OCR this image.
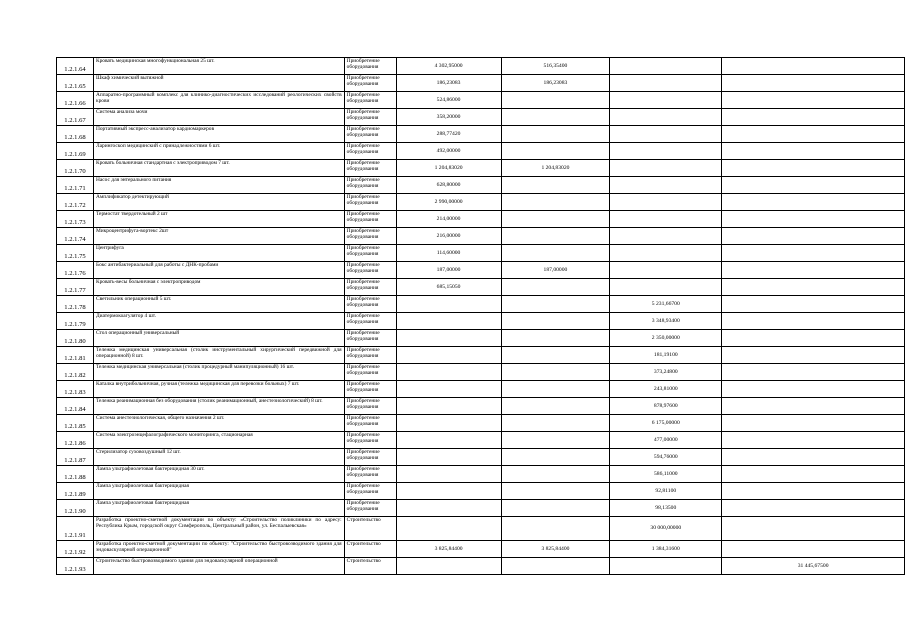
1.2.1.64	Кровать медицинская многофункциональная 25 шт.	Приобретение оборудования	4 302,95000	516,35400		
1.2.1.65	Шкаф химический вытяжной	Приобретение оборудования	186,23083	186,23083		
1.2.1.66	Аппаратно-программный комплекс для клинико-диагностических исследований реологических свойств крови	Приобретение оборудования	524,86000			
1.2.1.67	Система анализа мочи	Приобретение оборудования	358,20000			
1.2.1.68	Портативный экспресс-анализатор кардиомаркеров	Приобретение оборудования	288,77420			
1.2.1.69	Ларингоскоп медицинский с принадлежностями 6 шт.	Приобретение оборудования	492,00000			
1.2.1.70	Кровать больничная стандартная с электроприводом 7 шт.	Приобретение оборудования	1 204,83020	1 204,83020		
1.2.1.71	Насос для энтерального питания	Приобретение оборудования	628,80000			
1.2.1.72	Амплификатор детектирующий	Приобретение оборудования	2 990,00000			
1.2.1.73	Термостат твердотельный 2 шт	Приобретение оборудования	214,00000			
1.2.1.74	Микроцентрифуга-вортекс 2шт	Приобретение оборудования	216,00000			
1.2.1.75	Центрифуга	Приобретение оборудования	114,60000			
1.2.1.76	Бокс антибактериальный для работы с ДНК-пробами	Приобретение оборудования	187,00000	187,00000		
1.2.1.77	Кровать-весы больничная с электроприводом	Приобретение оборудования	685,15050			
1.2.1.78	Светильник операционный 5 шт.	Приобретение оборудования			5 231,66700	
1.2.1.79	Диатермокоагулятор 4 шт.	Приобретение оборудования			3 348,93400	
1.2.1.80	Стол операционный универсальный	Приобретение оборудования			2 350,00000	
1.2.1.81	Тележка медицинская универсальная (столик инструментальный хирургический передвижной для операционной) 8 шт.	Приобретение оборудования			181,19100	
1.2.1.82	Тележка медицинская универсальная (столик процедурный манипуляционный) 16 шт.	Приобретение оборудования			373,24800	
1.2.1.83	Каталка внутрибольничная, ручная (тележка медицинская для перевозки больных) 7 шт.	Приобретение оборудования			243,81000	
1.2.1.84	Тележка реанимационная без оборудования (столик реанимационный, анестезиологический) 8 шт.	Приобретение оборудования			878,97600	
1.2.1.85	Система анестезиологическая, общего назначения 2 шт.	Приобретение оборудования			6 175,00000	
1.2.1.86	Система электроэнцефалографического мониторинга, стационарная	Приобретение оборудования			477,00000	
1.2.1.87	Стерилизатор суховоздушный 12 шт.	Приобретение оборудования			594,76000	
1.2.1.88	Лампа ультрафиолетовая бактерицидная 30 шт.	Приобретение оборудования			586,11000	
1.2.1.89	Лампа ультрафиолетовая бактерицидная	Приобретение оборудования			92,81100	
1.2.1.90	Лампа ультрафиолетовая бактерицидная	Приобретение оборудования			98,13500	
1.2.1.91	Разработка проектно-сметной документации по объекту: «Строительство поликлиники по адресу: Республика Крым, городской округ Симферополь, Центральный район, ул. Беспалыевская»	Строительство			30 000,00000	
1.2.1.92	Разработка проектно-сметной документации по объекту: "Строительство быстровозводимого здания для эндоваскулярной операционной"	Строительство	3 825,84400	3 825,84400	1 384,31600	
1.2.1.93	Строительство быстровозводимого здания для эндоваскулярной операционной	Строительство				31 445,67500
